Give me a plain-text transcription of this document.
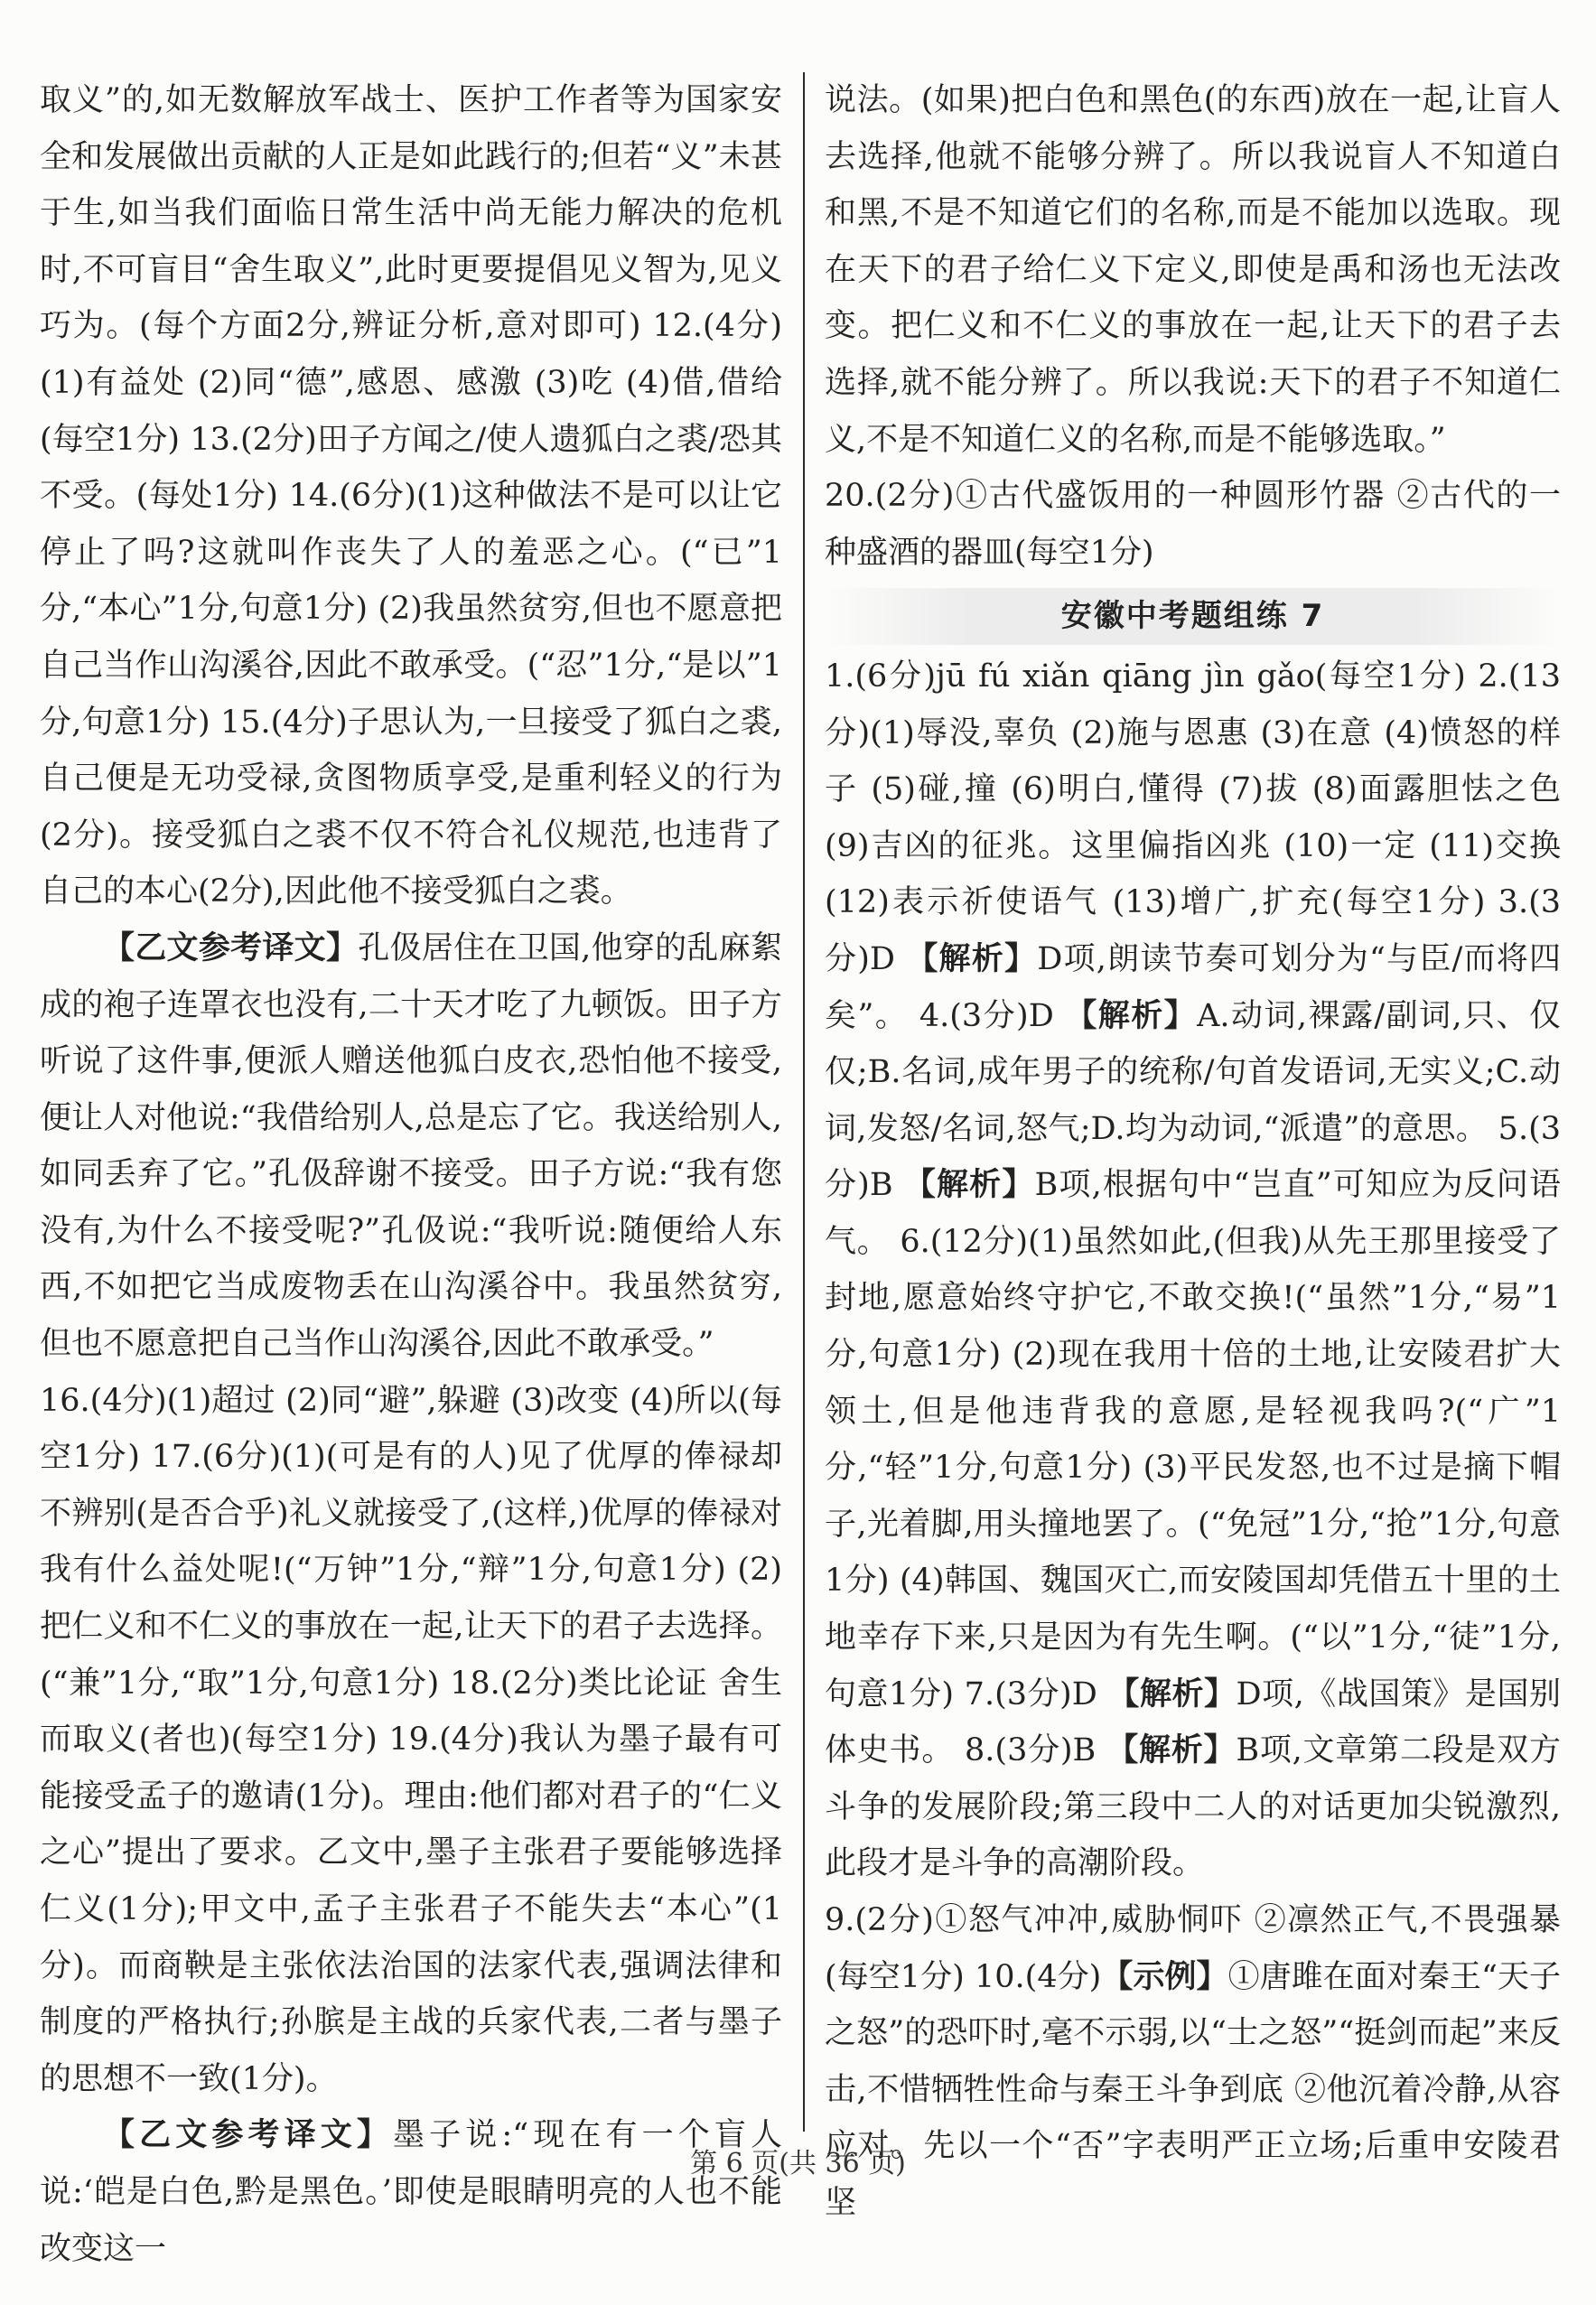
取义”的,如无数解放军战士、医护工作者等为国家安全和发展做出贡献的人正是如此践行的;但若“义”未甚于生,如当我们面临日常生活中尚无能力解决的危机时,不可盲目“舍生取义”,此时更要提倡见义智为,见义巧为。(每个方面2分,辨证分析,意对即可) 12.(4分)(1)有益处 (2)同“德”,感恩、感激 (3)吃 (4)借,借给(每空1分) 13.(2分)田子方闻之/使人遗狐白之裘/恐其不受。(每处1分) 14.(6分)(1)这种做法不是可以让它停止了吗?这就叫作丧失了人的羞恶之心。(“已”1分,“本心”1分,句意1分) (2)我虽然贫穷,但也不愿意把自己当作山沟溪谷,因此不敢承受。(“忍”1分,“是以”1分,句意1分) 15.(4分)子思认为,一旦接受了狐白之裘,自己便是无功受禄,贪图物质享受,是重利轻义的行为(2分)。接受狐白之裘不仅不符合礼仪规范,也违背了自己的本心(2分),因此他不接受狐白之裘。

【乙文参考译文】孔伋居住在卫国,他穿的乱麻絮成的袍子连罩衣也没有,二十天才吃了九顿饭。田子方听说了这件事,便派人赠送他狐白皮衣,恐怕他不接受,便让人对他说:“我借给别人,总是忘了它。我送给别人,如同丢弃了它。”孔伋辞谢不接受。田子方说:“我有您没有,为什么不接受呢?”孔伋说:“我听说:随便给人东西,不如把它当成废物丢在山沟溪谷中。我虽然贫穷,但也不愿意把自己当作山沟溪谷,因此不敢承受。”

16.(4分)(1)超过 (2)同“避”,躲避 (3)改变 (4)所以(每空1分) 17.(6分)(1)(可是有的人)见了优厚的俸禄却不辨别(是否合乎)礼义就接受了,(这样,)优厚的俸禄对我有什么益处呢!(“万钟”1分,“辩”1分,句意1分) (2)把仁义和不仁义的事放在一起,让天下的君子去选择。(“兼”1分,“取”1分,句意1分) 18.(2分)类比论证 舍生而取义(者也)(每空1分) 19.(4分)我认为墨子最有可能接受孟子的邀请(1分)。理由:他们都对君子的“仁义之心”提出了要求。乙文中,墨子主张君子要能够选择仁义(1分);甲文中,孟子主张君子不能失去“本心”(1分)。而商鞅是主张依法治国的法家代表,强调法律和制度的严格执行;孙膑是主战的兵家代表,二者与墨子的思想不一致(1分)。

【乙文参考译文】墨子说:“现在有一个盲人说:‘皑是白色,黔是黑色。’即使是眼睛明亮的人也不能改变这一

说法。(如果)把白色和黑色(的东西)放在一起,让盲人去选择,他就不能够分辨了。所以我说盲人不知道白和黑,不是不知道它们的名称,而是不能加以选取。现在天下的君子给仁义下定义,即使是禹和汤也无法改变。把仁义和不仁义的事放在一起,让天下的君子去选择,就不能分辨了。所以我说:天下的君子不知道仁义,不是不知道仁义的名称,而是不能够选取。”

20.(2分)①古代盛饭用的一种圆形竹器 ②古代的一种盛酒的器皿(每空1分)

安徽中考题组练 7

1.(6分)jū fú xiǎn qiāng jìn gǎo(每空1分) 2.(13分)(1)辱没,辜负 (2)施与恩惠 (3)在意 (4)愤怒的样子 (5)碰,撞 (6)明白,懂得 (7)拔 (8)面露胆怯之色 (9)吉凶的征兆。这里偏指凶兆 (10)一定 (11)交换 (12)表示祈使语气 (13)增广,扩充(每空1分) 3.(3分)D 【解析】D项,朗读节奏可划分为“与臣/而将四矣”。 4.(3分)D 【解析】A.动词,裸露/副词,只、仅仅;B.名词,成年男子的统称/句首发语词,无实义;C.动词,发怒/名词,怒气;D.均为动词,“派遣”的意思。 5.(3分)B 【解析】B项,根据句中“岂直”可知应为反问语气。 6.(12分)(1)虽然如此,(但我)从先王那里接受了封地,愿意始终守护它,不敢交换!(“虽然”1分,“易”1分,句意1分) (2)现在我用十倍的土地,让安陵君扩大领土,但是他违背我的意愿,是轻视我吗?(“广”1分,“轻”1分,句意1分) (3)平民发怒,也不过是摘下帽子,光着脚,用头撞地罢了。(“免冠”1分,“抢”1分,句意1分) (4)韩国、魏国灭亡,而安陵国却凭借五十里的土地幸存下来,只是因为有先生啊。(“以”1分,“徒”1分,句意1分) 7.(3分)D 【解析】D项,《战国策》是国别体史书。 8.(3分)B 【解析】B项,文章第二段是双方斗争的发展阶段;第三段中二人的对话更加尖锐激烈,此段才是斗争的高潮阶段。

9.(2分)①怒气冲冲,威胁恫吓 ②凛然正气,不畏强暴(每空1分) 10.(4分)【示例】①唐雎在面对秦王“天子之怒”的恐吓时,毫不示弱,以“士之怒”“挺剑而起”来反击,不惜牺牲性命与秦王斗争到底 ②他沉着冷静,从容应对。先以一个“否”字表明严正立场;后重申安陵君坚

第 6 页(共 36 页)
